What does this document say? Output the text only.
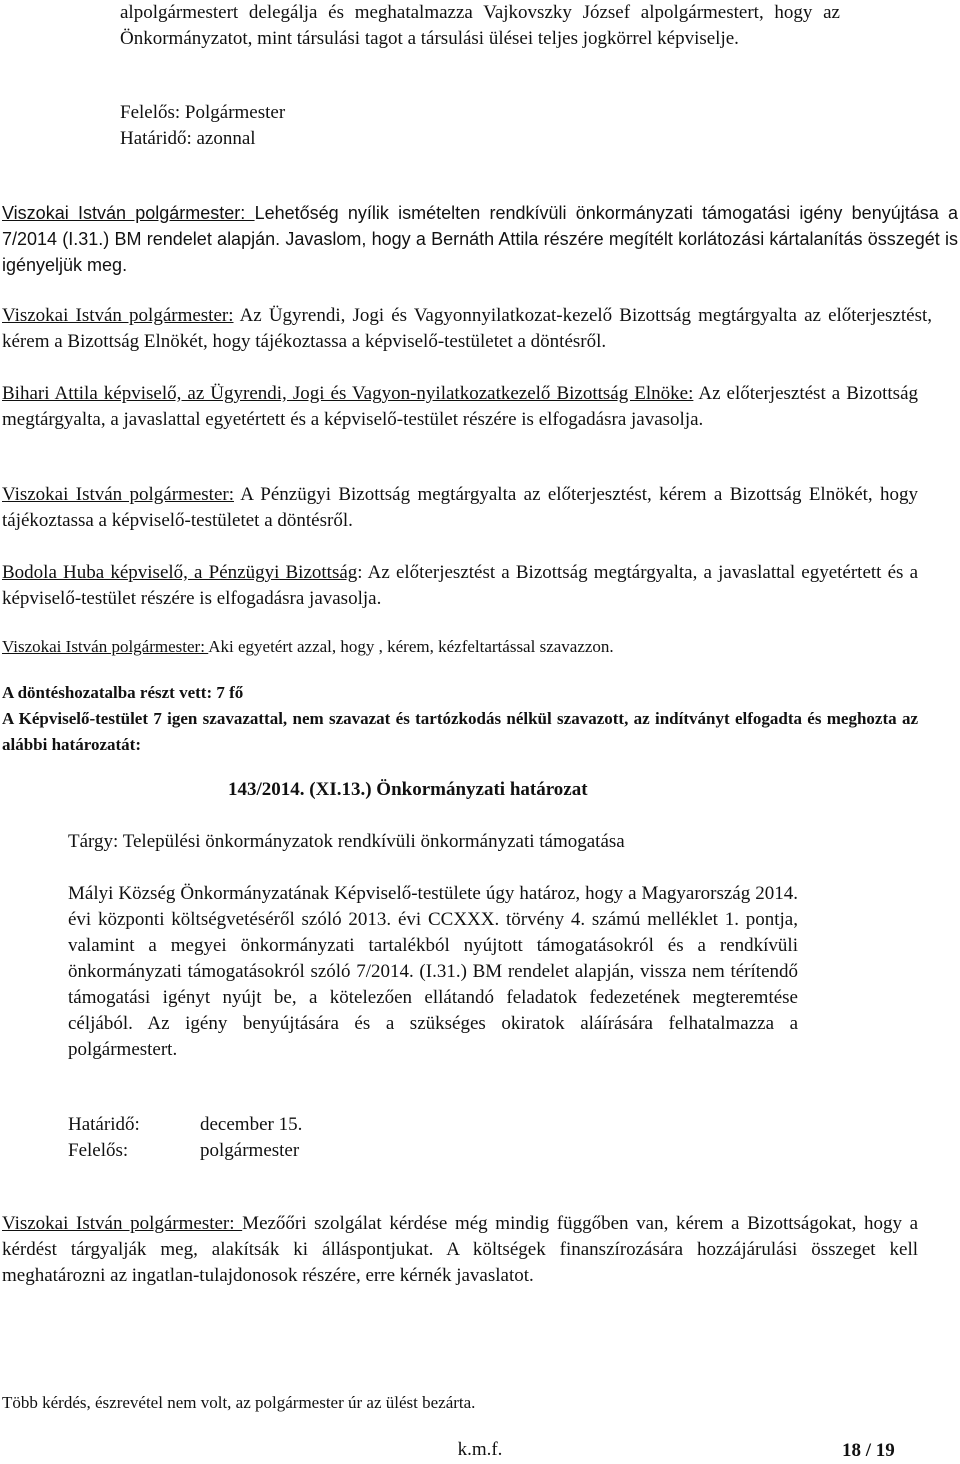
alpolgármestert delegálja és meghatalmazza Vajkovszky József alpolgármestert, hogy az Önkormányzatot, mint társulási tagot a társulási ülései teljes jogkörrel képviselje.

Felelős: Polgármester
Határidő: azonnal

Viszokai István polgármester: Lehetőség nyílik ismételten rendkívüli önkormányzati támogatási igény benyújtása a 7/2014 (I.31.) BM rendelet alapján. Javaslom, hogy a Bernáth Attila részére megítélt korlátozási kártalanítás összegét is igényeljük meg.

Viszokai István polgármester: Az Ügyrendi, Jogi és Vagyonnyilatkozat-kezelő Bizottság megtárgyalta az előterjesztést, kérem a Bizottság Elnökét, hogy tájékoztassa a képviselő-testületet a döntésről.

Bihari Attila képviselő, az Ügyrendi, Jogi és Vagyon-nyilatkozatkezelő Bizottság Elnöke: Az előterjesztést a Bizottság megtárgyalta, a javaslattal egyetértett és a képviselő-testület részére is elfogadásra javasolja.

Viszokai István polgármester: A Pénzügyi Bizottság megtárgyalta az előterjesztést, kérem a Bizottság Elnökét, hogy tájékoztassa a képviselő-testületet a döntésről.

Bodola Huba képviselő, a Pénzügyi Bizottság: Az előterjesztést a Bizottság megtárgyalta, a javaslattal egyetértett és a képviselő-testület részére is elfogadásra javasolja.

Viszokai István polgármester: Aki egyetért azzal, hogy , kérem, kézfeltartással szavazzon.

A döntéshozatalba részt vett: 7 fő

A Képviselő-testület 7 igen szavazattal, nem szavazat és tartózkodás nélkül szavazott, az indítványt elfogadta és meghozta az alábbi határozatát:

143/2014. (XI.13.) Önkormányzati határozat
Tárgy: Települési önkormányzatok rendkívüli önkormányzati támogatása

Mályi Község Önkormányzatának Képviselő-testülete úgy határoz, hogy a Magyarország 2014. évi központi költségvetéséről szóló 2013. évi CCXXX. törvény 4. számú melléklet 1. pontja, valamint a megyei önkormányzati tartalékból nyújtott támogatásokról és a rendkívüli önkormányzati támogatásokról szóló 7/2014. (I.31.) BM rendelet alapján, vissza nem térítendő támogatási igényt nyújt be, a kötelezően ellátandó feladatok fedezetének megteremtése céljából. Az igény benyújtására és a szükséges okiratok aláírására felhatalmazza a polgármestert.

Határidő:	december 15.
Felelős:	polgármester

Viszokai István polgármester: Mezőőri szolgálat kérdése még mindig függőben van, kérem a Bizottságokat, hogy a kérdést tárgyalják meg, alakítsák ki álláspontjukat. A költségek finanszírozására hozzájárulási összeget kell meghatározni az ingatlan-tulajdonosok részére, erre kérnék javaslatot.

Több kérdés, észrevétel nem volt, az polgármester úr az ülést bezárta.
k.m.f.	18 / 19
